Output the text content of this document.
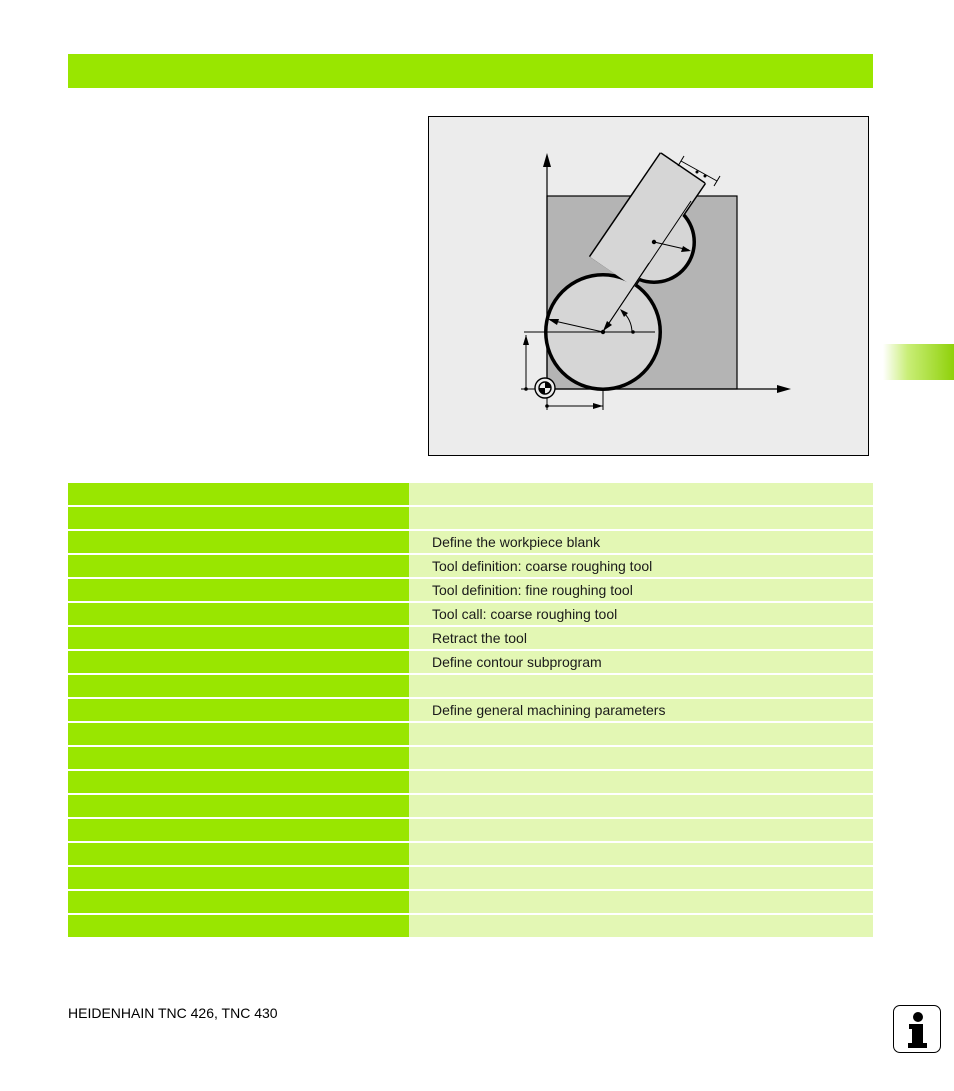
Define the workpiece blank
Tool definition: coarse roughing tool
Tool definition: fine roughing tool
Tool call: coarse roughing tool
Retract the tool
Define contour subprogram
Define general machining parameters
HEIDENHAIN TNC 426, TNC 430
